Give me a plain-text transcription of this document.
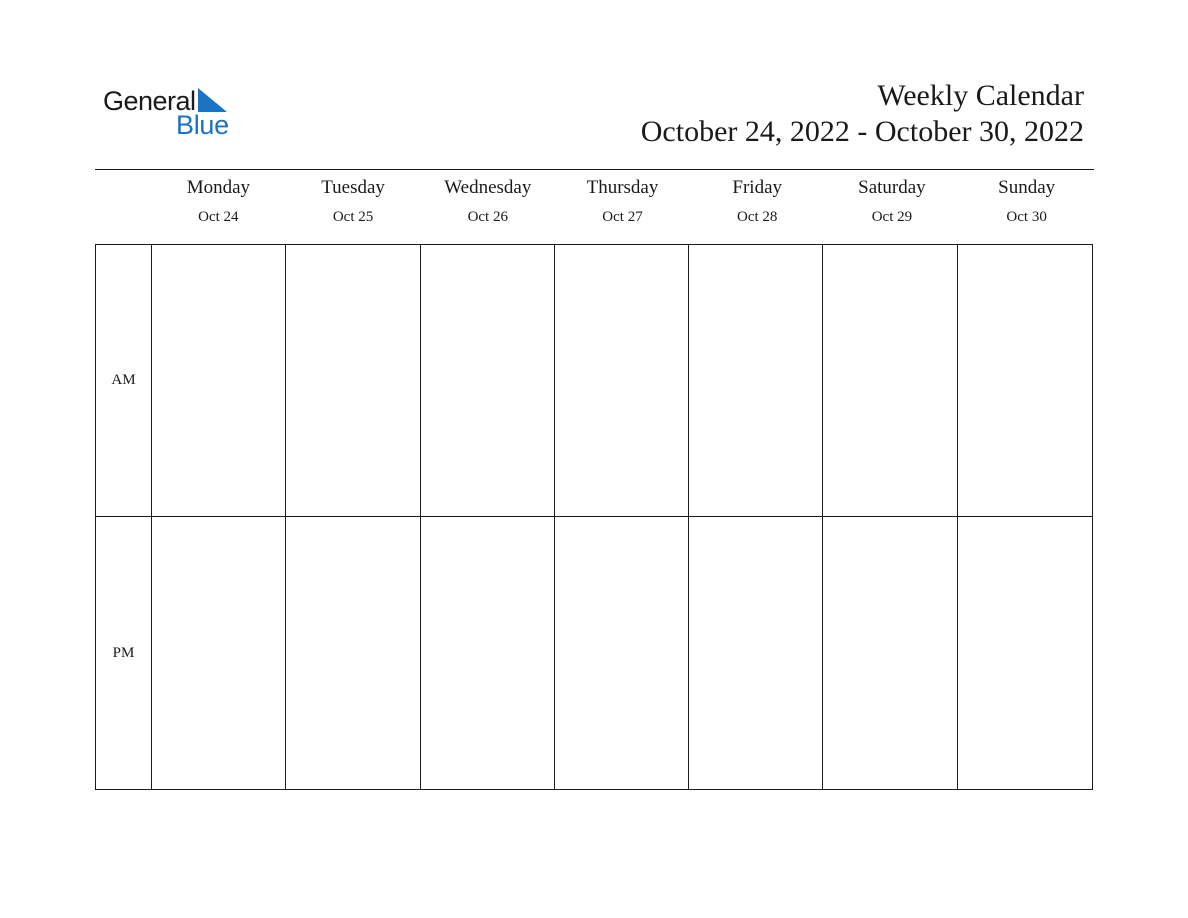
General
Blue
Weekly Calendar
October 24, 2022 - October 30, 2022
Monday
Oct 24
Tuesday
Oct 25
Wednesday
Oct 26
Thursday
Oct 27
Friday
Oct 28
Saturday
Oct 29
Sunday
Oct 30
AM
PM
